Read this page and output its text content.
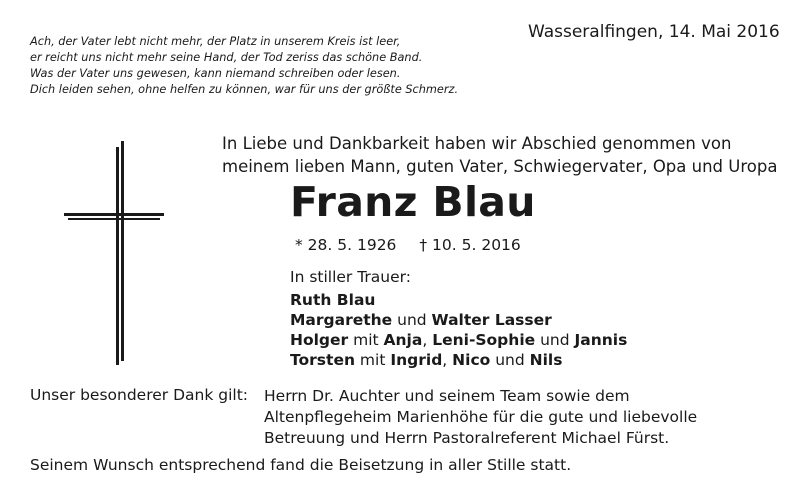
Wasseralfingen, 14. Mai 2016
Ach, der Vater lebt nicht mehr, der Platz in unserem Kreis ist leer,
er reicht uns nicht mehr seine Hand, der Tod zeriss das schöne Band.
Was der Vater uns gewesen, kann niemand schreiben oder lesen.
Dich leiden sehen, ohne helfen zu können, war für uns der größte Schmerz.
In Liebe und Dankbarkeit haben wir Abschied genommen von
meinem lieben Mann, guten Vater, Schwiegervater, Opa und Uropa
Franz Blau
* 28. 5. 1926 † 10. 5. 2016
In stiller Trauer:
Ruth Blau
Margarethe und Walter Lasser
Holger mit Anja, Leni-Sophie und Jannis
Torsten mit Ingrid, Nico und Nils
Unser besonderer Dank gilt: Herrn Dr. Auchter und seinem Team sowie dem
Altenpflegeheim Marienhöhe für die gute und liebevolle
Betreuung und Herrn Pastoralreferent Michael Fürst.
Seinem Wunsch entsprechend fand die Beisetzung in aller Stille statt.
